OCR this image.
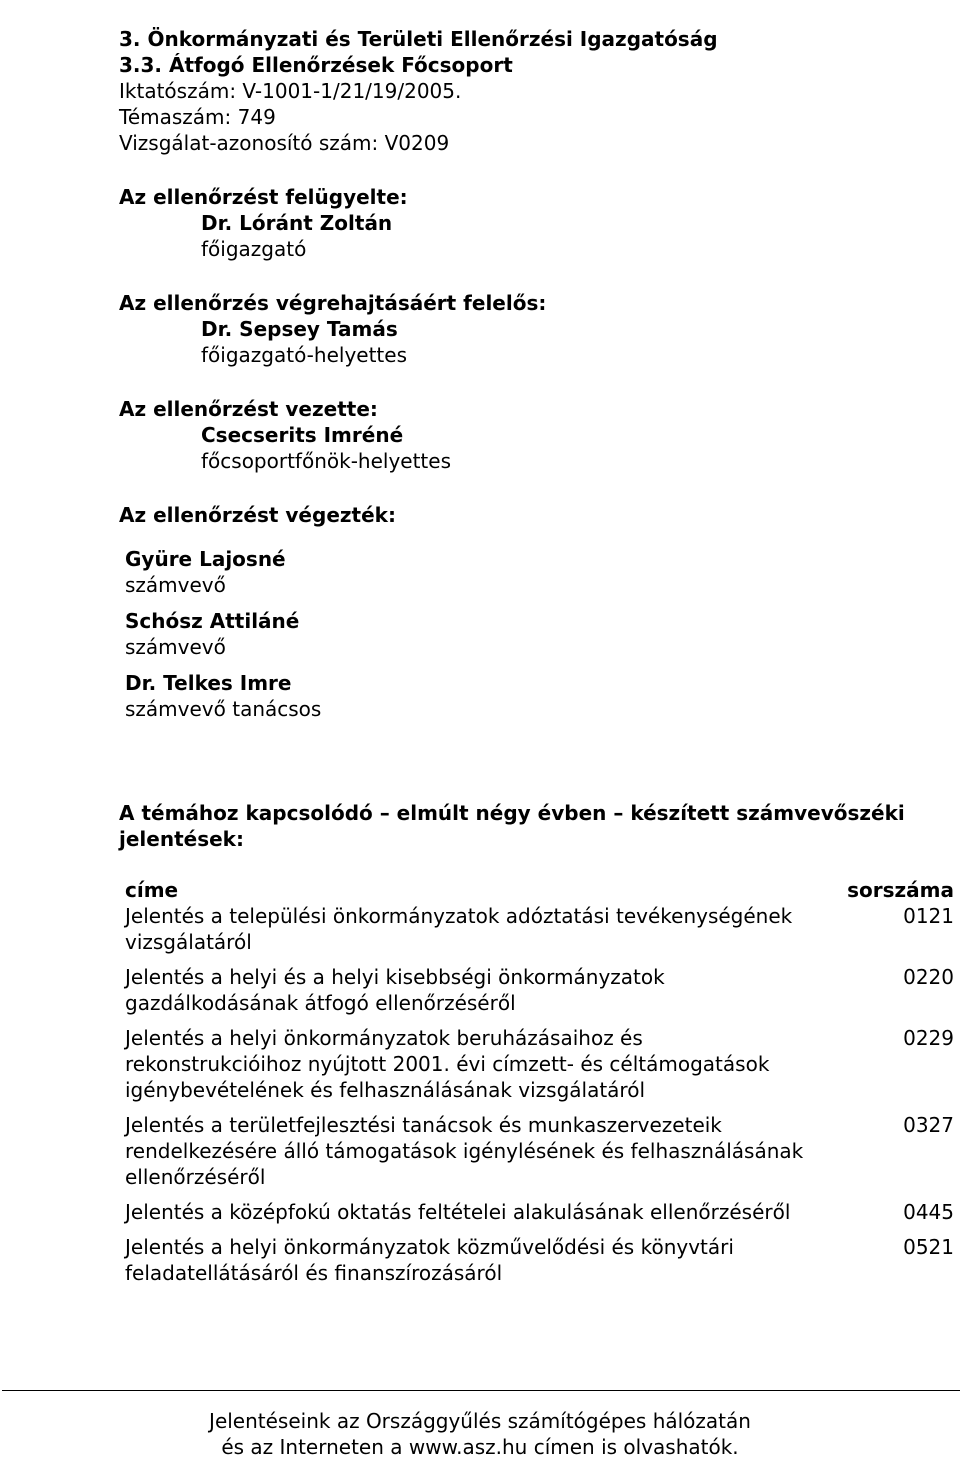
3. Önkormányzati és Területi Ellenőrzési Igazgatóság
3.3. Átfogó Ellenőrzések Főcsoport
Iktatószám: V-1001-1/21/19/2005.
Témaszám: 749
Vizsgálat-azonosító szám: V0209
Az ellenőrzést felügyelte:
Dr. Lóránt Zoltán
főigazgató
Az ellenőrzés végrehajtásáért felelős:
Dr. Sepsey Tamás
főigazgató-helyettes
Az ellenőrzést vezette:
Csecserits Imréné
főcsoportfőnök-helyettes
Az ellenőrzést végezték:
Gyüre Lajosné
számvevő
Schósz Attiláné
számvevő
Dr. Telkes Imre
számvevő tanácsos
A témához kapcsolódó – elmúlt négy évben – készített számvevőszéki jelentések:
címe	sorszáma
Jelentés a települési önkormányzatok adóztatási tevékenységének vizsgálatáról
0121
Jelentés a helyi és a helyi kisebbségi önkormányzatok gazdálkodásának átfogó ellenőrzéséről
0220
Jelentés a helyi önkormányzatok beruházásaihoz és rekonstrukcióihoz nyújtott 2001. évi címzett- és céltámogatások igénybevételének és felhasználásának vizsgálatáról
0229
Jelentés a területfejlesztési tanácsok és munkaszervezeteik rendelkezésére álló támogatások igénylésének és felhasználásának ellenőrzéséről
0327
Jelentés a középfokú oktatás feltételei alakulásának ellenőrzéséről	0445
Jelentés a helyi önkormányzatok közművelődési és könyvtári feladatellátásáról és finanszírozásáról
0521
Jelentéseink az Országgyűlés számítógépes hálózatán
és az Interneten a www.asz.hu címen is olvashatók.
